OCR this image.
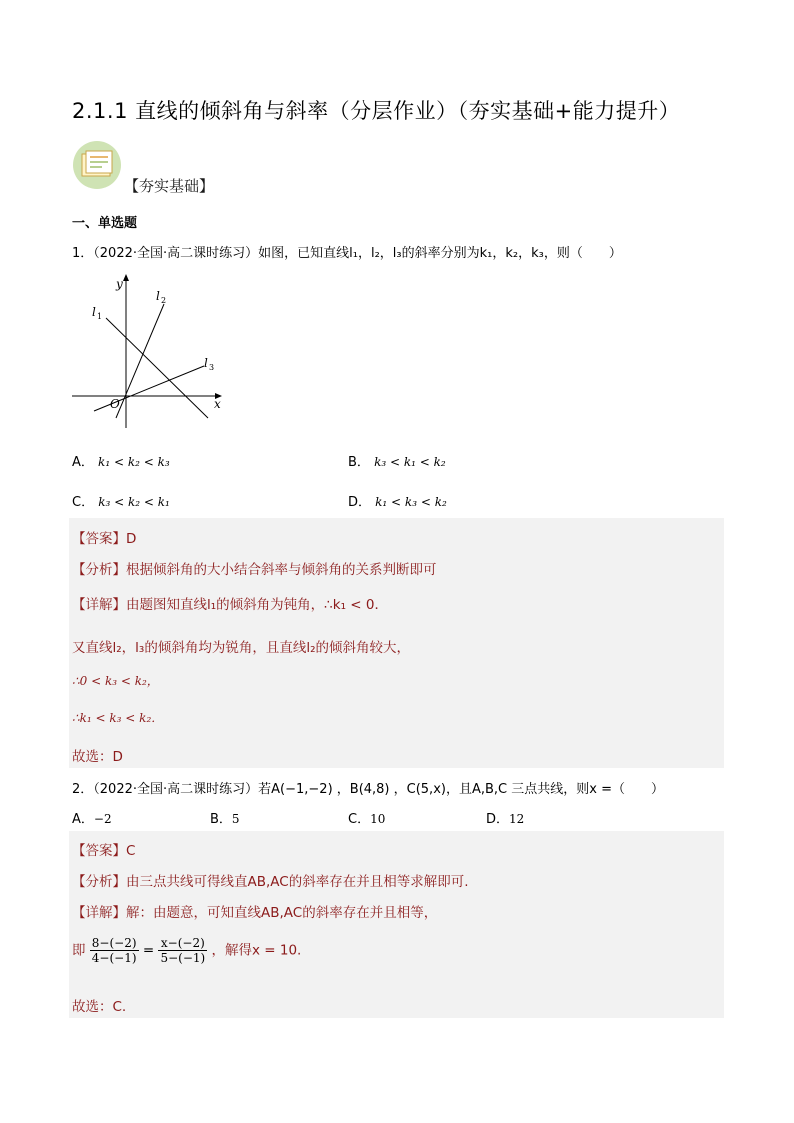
2.1.1 直线的倾斜角与斜率（分层作业）（夯实基础+能力提升）
【夯实基础】
一、单选题
1．（2022·全国·高二课时练习）如图，已知直线l₁，l₂，l₃的斜率分别为k₁，k₂，k₃，则（　　）
y
x
O
l 1
l 2
l 3
A． k₁ < k₂ < k₃	B． k₃ < k₁ < k₂
C． k₃ < k₂ < k₁	D． k₁ < k₃ < k₂
【答案】D
【分析】根据倾斜角的大小结合斜率与倾斜角的关系判断即可
【详解】由题图知直线l₁的倾斜角为钝角，∴k₁ < 0．
又直线l₂，l₃的倾斜角均为锐角，且直线l₂的倾斜角较大，
∴0 < k₃ < k₂，
∴k₁ < k₃ < k₂．
故选：D
2．（2022·全国·高二课时练习）若A(−1,−2) ，B(4,8) ，C(5,x)，且A,B,C 三点共线，则x =（　　）
A．−2	B．5	C．10	D．12
【答案】C
【分析】由三点共线可得线直AB,AC的斜率存在并且相等求解即可.
【详解】解：由题意，可知直线AB,AC的斜率存在并且相等，
即 $\frac{8-(-2)}{4-(-1)} = \frac{x-(-2)}{5-(-1)}$ ，解得x = 10.
故选：C.
